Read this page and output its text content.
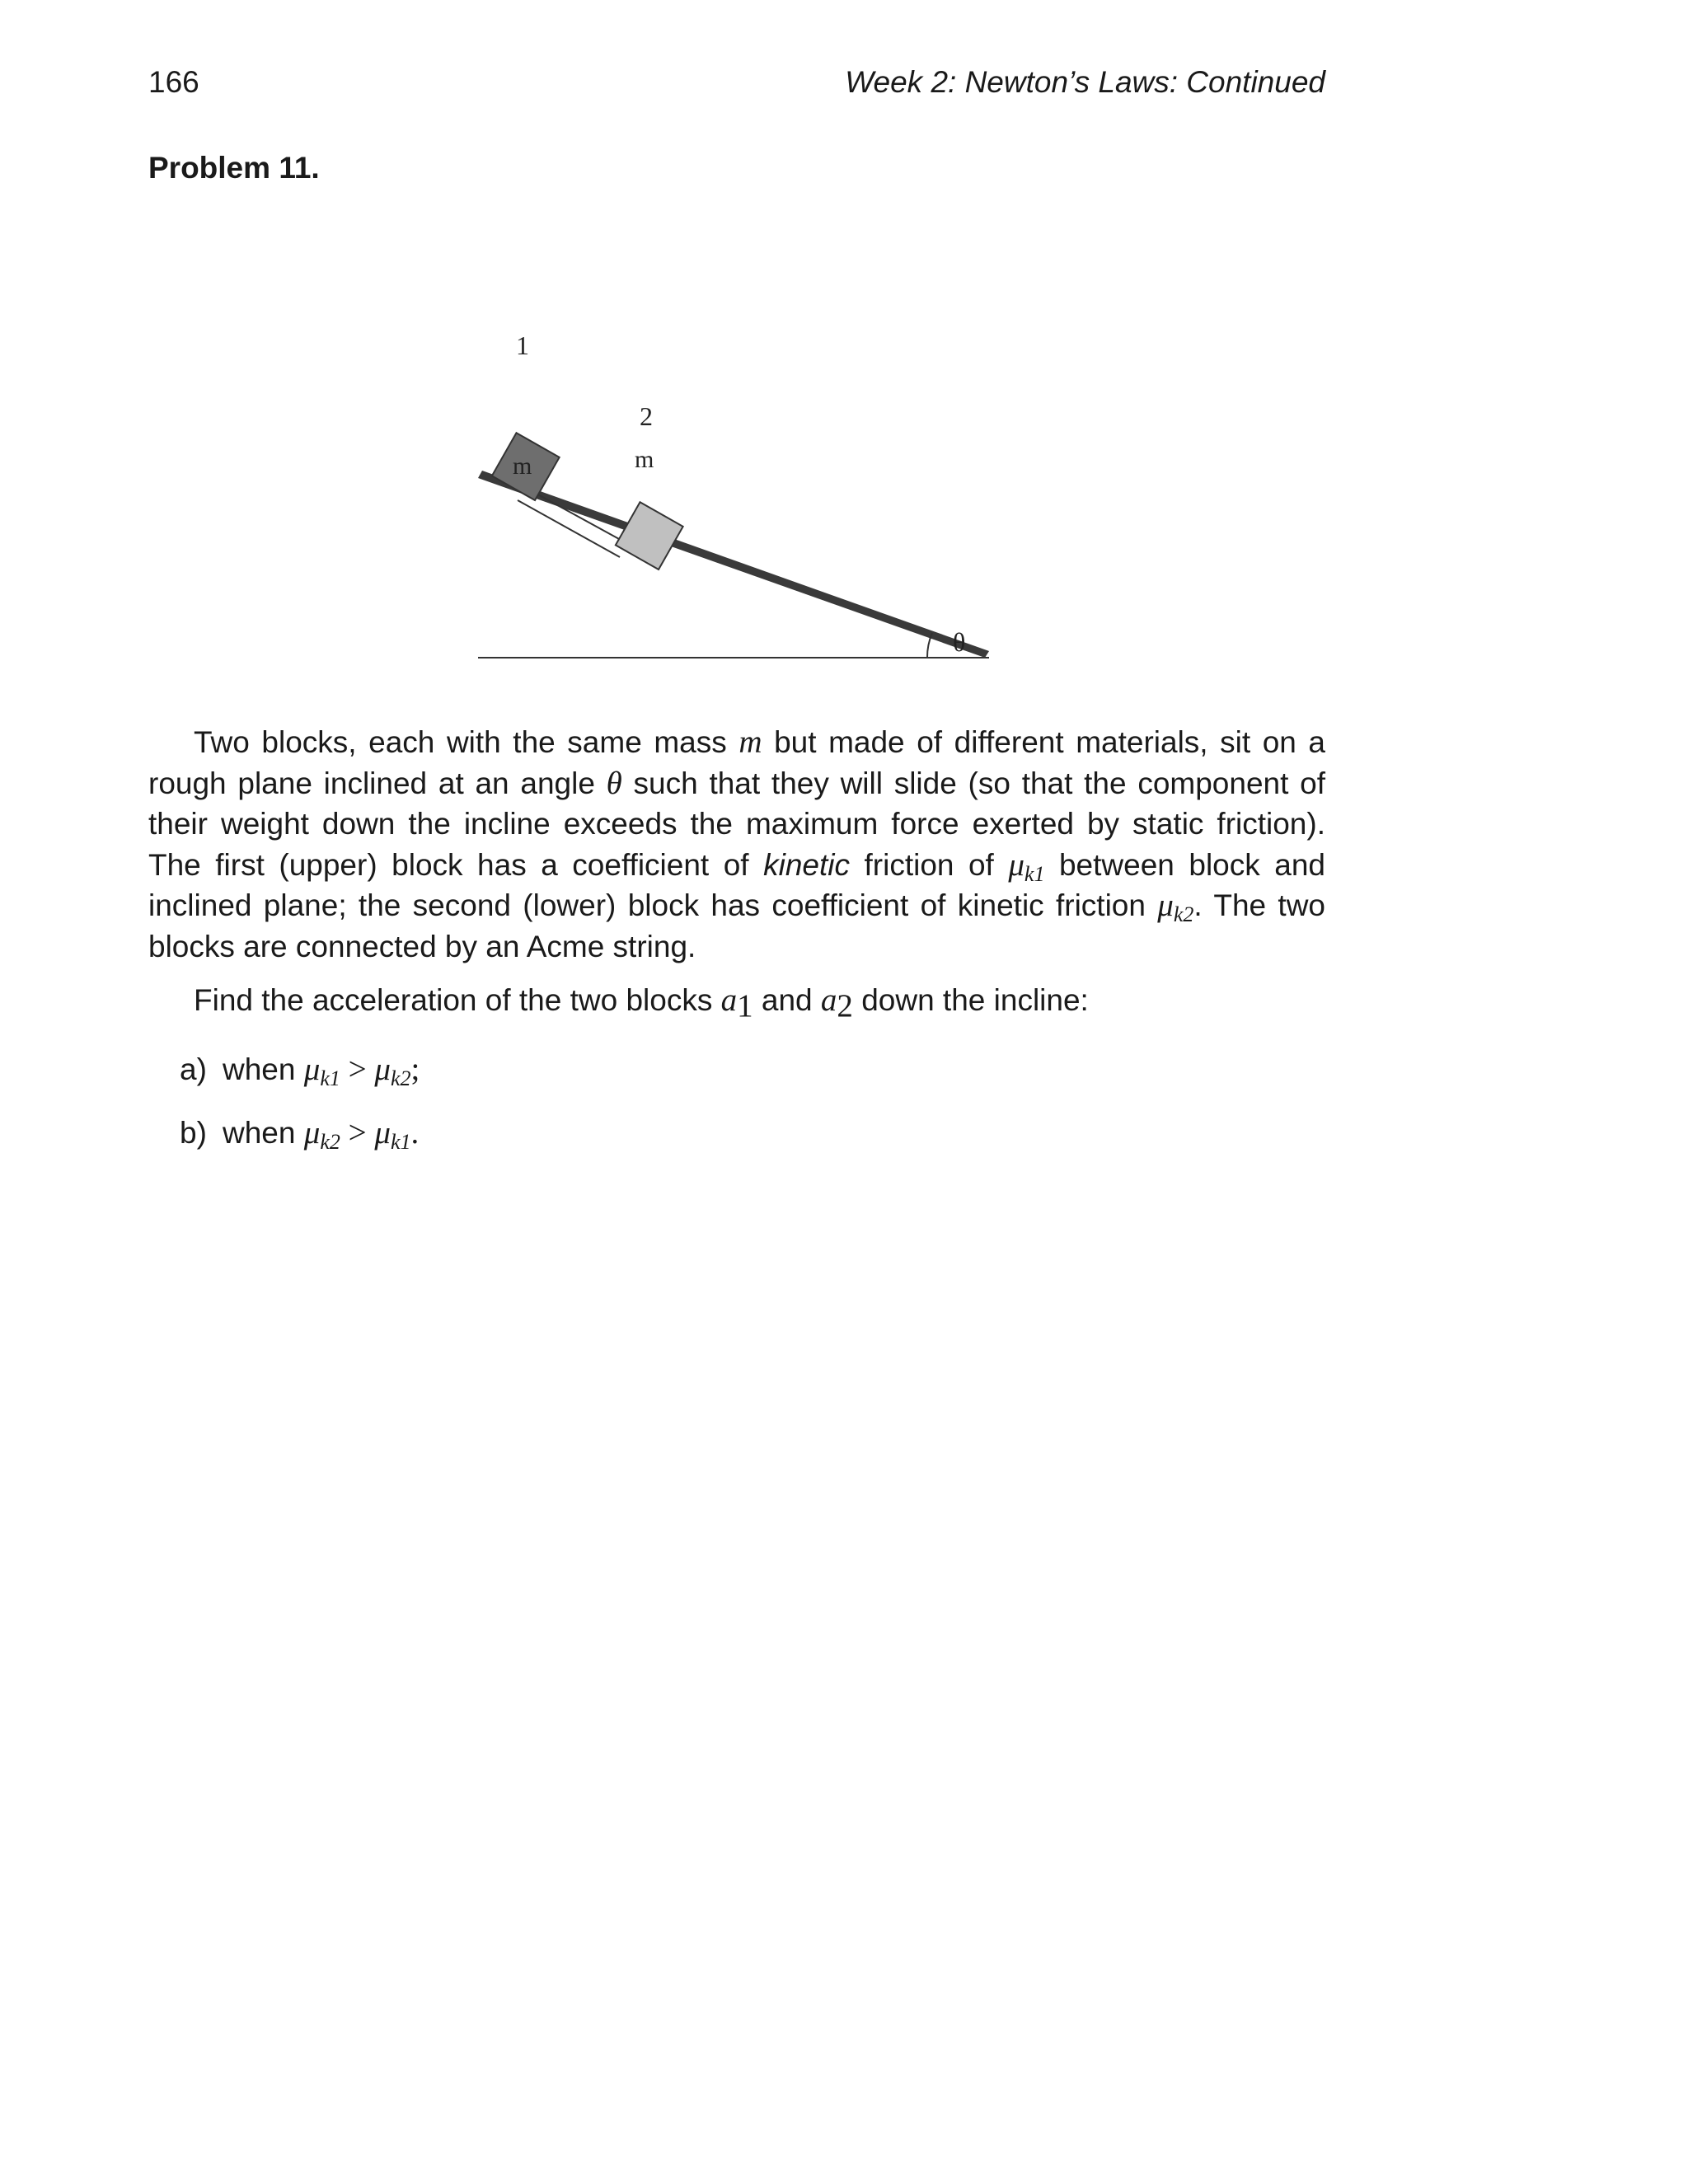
166	Week 2: Newton’s Laws: Continued
Problem 11.
θ
1
m
2
m

Two blocks, each with the same mass m but made of different materials, sit on a rough plane inclined at an angle θ such that they will slide (so that the component of their weight down the incline exceeds the maximum force exerted by static friction). The first (upper) block has a coefficient of kinetic friction of $\mu_{k1}$ between block and inclined plane; the second (lower) block has coefficient of kinetic friction $\mu_{k2}$. The two blocks are connected by an Acme string.

Find the acceleration of the two blocks $a_1$ and $a_2$ down the incline:

a) when $\mu_{k1} > \mu_{k2}$;
b) when $\mu_{k2} > \mu_{k1}$.
